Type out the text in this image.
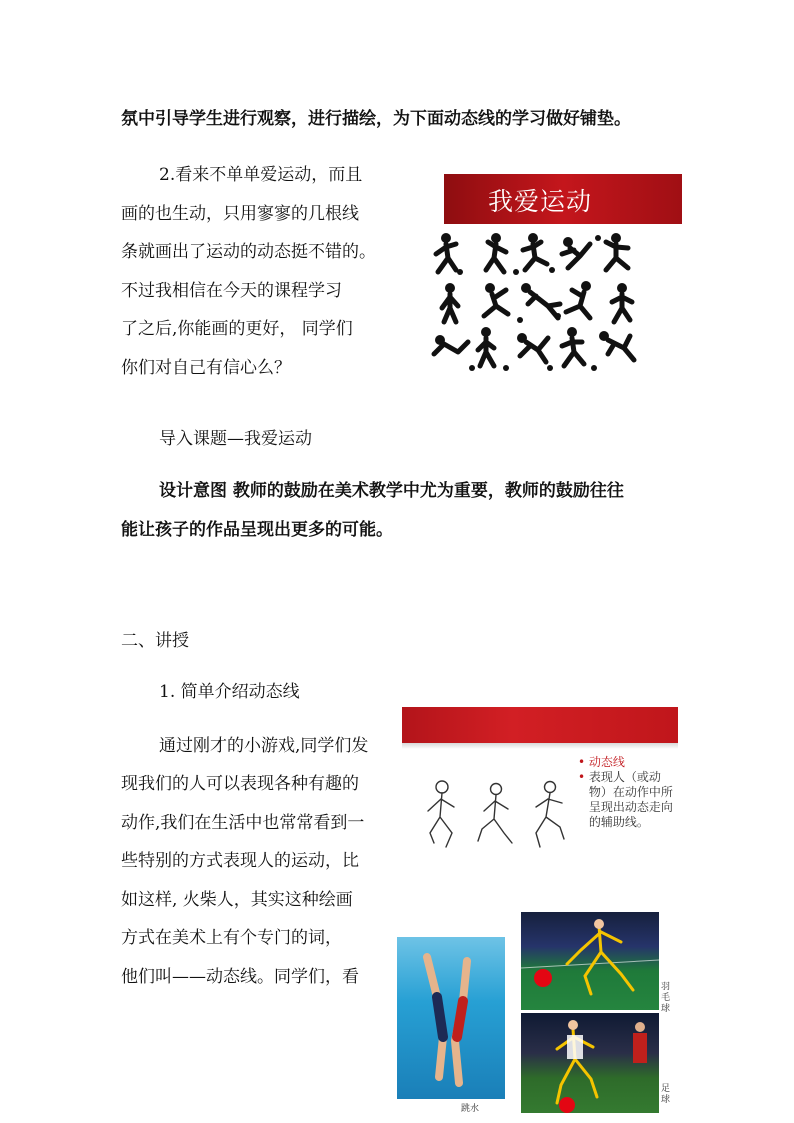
氛中引导学生进行观察，进行描绘，为下面动态线的学习做好铺垫。
2.看来不单单爱运动，而且
画的也生动，只用寥寥的几根线
条就画出了运动的动态挺不错的。
不过我相信在今天的课程学习
了之后,你能画的更好， 同学们
你们对自己有信心么？
我爱运动
导入课题—我爱运动
设计意图 教师的鼓励在美术教学中尤为重要，教师的鼓励往往
能让孩子的作品呈现出更多的可能。
二、讲授
1. 简单介绍动态线
通过刚才的小游戏,同学们发
现我们的人可以表现各种有趣的
动作,我们在生活中也常常看到一
些特别的方式表现人的运动，比
如这样, 火柴人，其实这种绘画
方式在美术上有个专门的词，
他们叫——动态线。同学们，看
• 动态线
• 表现人（或动物）在动作中所呈现出动态走向的辅助线。
跳水
羽毛球
足球
